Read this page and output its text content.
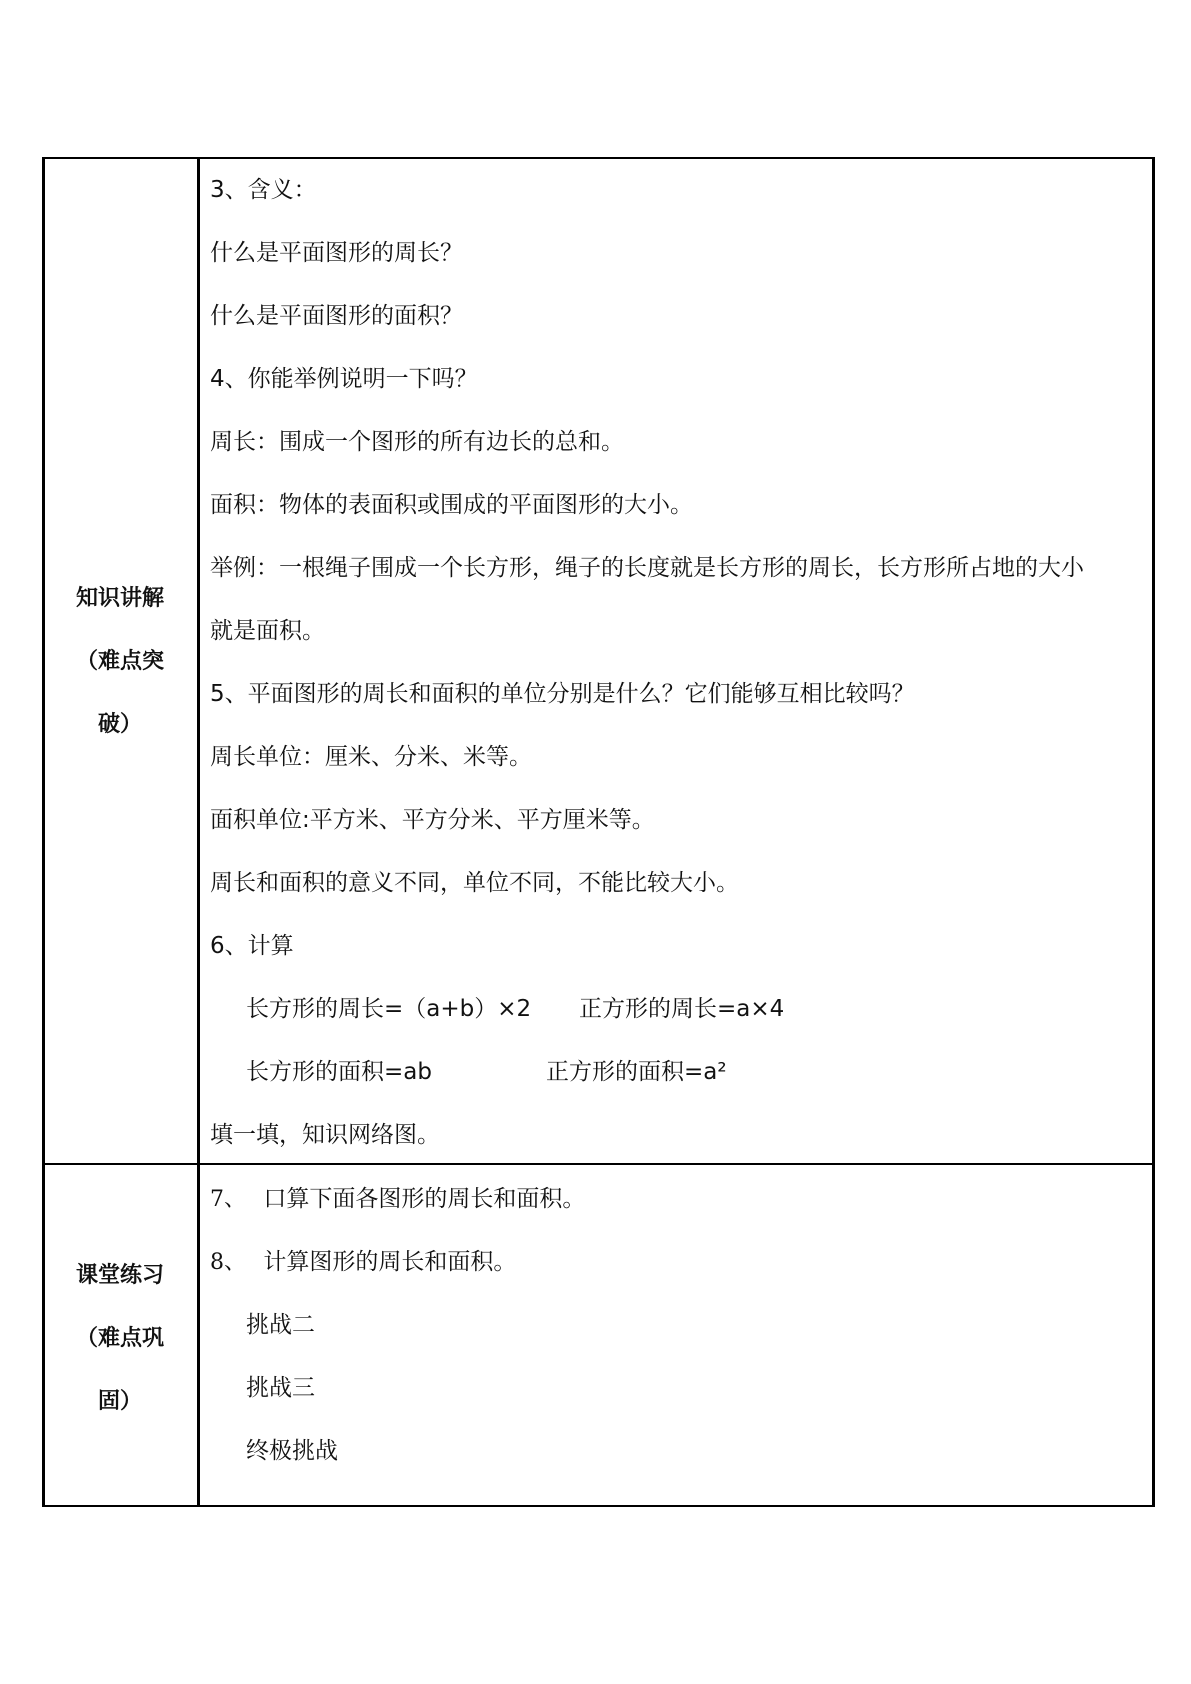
知识讲解
（难点突
破）
3、含义：
什么是平面图形的周长？
什么是平面图形的面积？
4、你能举例说明一下吗？
周长：围成一个图形的所有边长的总和。
面积：物体的表面积或围成的平面图形的大小。
举例：一根绳子围成一个长方形，绳子的长度就是长方形的周长，长方形所占地的大小
就是面积。
5、平面图形的周长和面积的单位分别是什么？它们能够互相比较吗？
周长单位：厘米、分米、米等。
面积单位:平方米、平方分米、平方厘米等。
周长和面积的意义不同，单位不同，不能比较大小。
6、计算
长方形的周长=（a+b）×2 正方形的周长=a×4
长方形的面积=ab	正方形的面积=a²
填一填，知识网络图。
课堂练习
（难点巩
固）
7、 口算下面各图形的周长和面积。
8、 计算图形的周长和面积。
挑战二
挑战三
终极挑战
